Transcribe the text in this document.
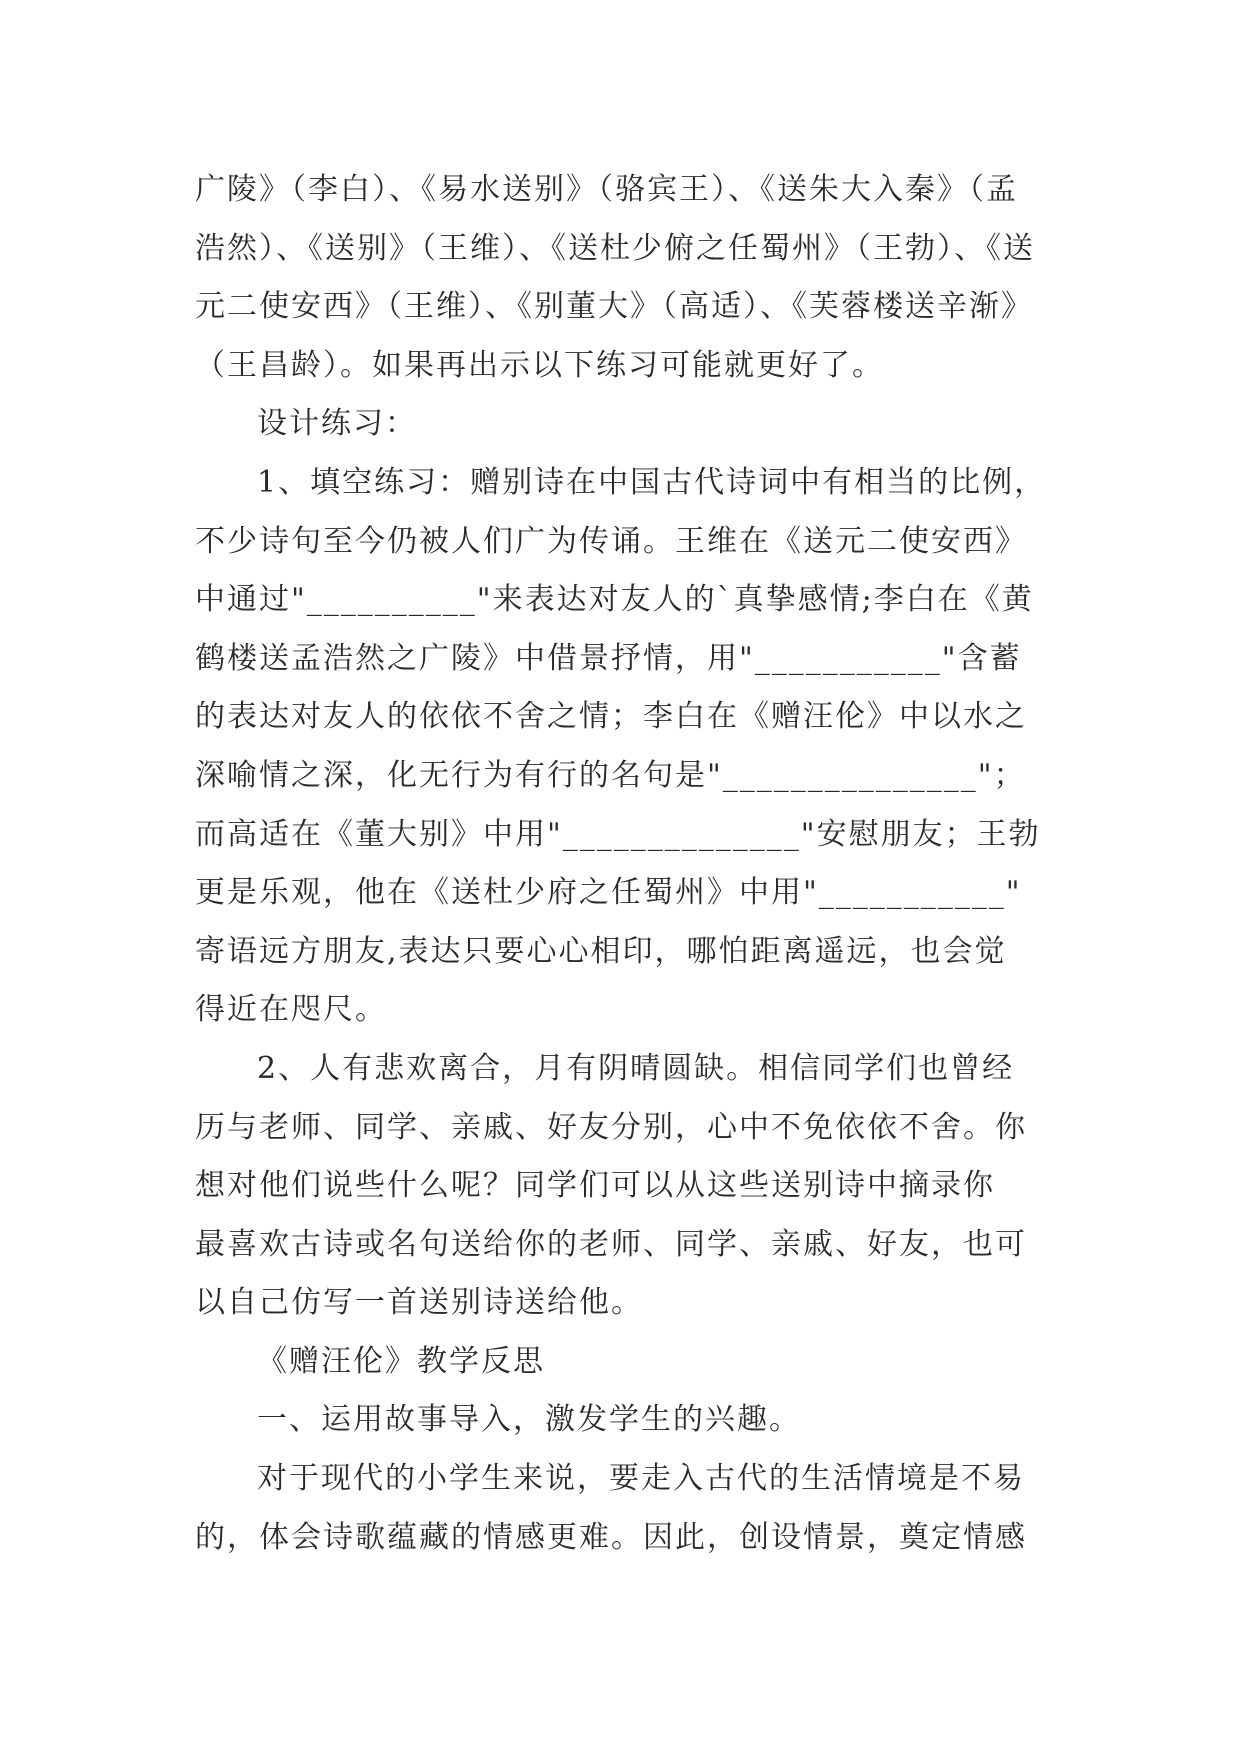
广陵》（李白）、《易水送别》（骆宾王）、《送朱大入秦》（孟
浩然）、《送别》（王维）、《送杜少俯之任蜀州》（王勃）、《送
元二使安西》（王维）、《别董大》（高适）、《芙蓉楼送辛渐》
（王昌龄）。如果再出示以下练习可能就更好了。
设计练习：
1、填空练习：赠别诗在中国古代诗词中有相当的比例，
不少诗句至今仍被人们广为传诵。王维在《送元二使安西》
中通过"__________"来表达对友人的`真挚感情;李白在《黄
鹤楼送孟浩然之广陵》中借景抒情，用"___________"含蓄
的表达对友人的依依不舍之情；李白在《赠汪伦》中以水之
深喻情之深，化无行为有行的名句是"_______________"；
而高适在《董大别》中用"______________"安慰朋友；王勃
更是乐观，他在《送杜少府之任蜀州》中用"___________"
寄语远方朋友,表达只要心心相印，哪怕距离遥远，也会觉
得近在咫尺。
2、人有悲欢离合，月有阴晴圆缺。相信同学们也曾经
历与老师、同学、亲戚、好友分别，心中不免依依不舍。你
想对他们说些什么呢？同学们可以从这些送别诗中摘录你
最喜欢古诗或名句送给你的老师、同学、亲戚、好友，也可
以自己仿写一首送别诗送给他。
《赠汪伦》教学反思
一、运用故事导入，激发学生的兴趣。
对于现代的小学生来说，要走入古代的生活情境是不易
的，体会诗歌蕴藏的情感更难。因此，创设情景，奠定情感
